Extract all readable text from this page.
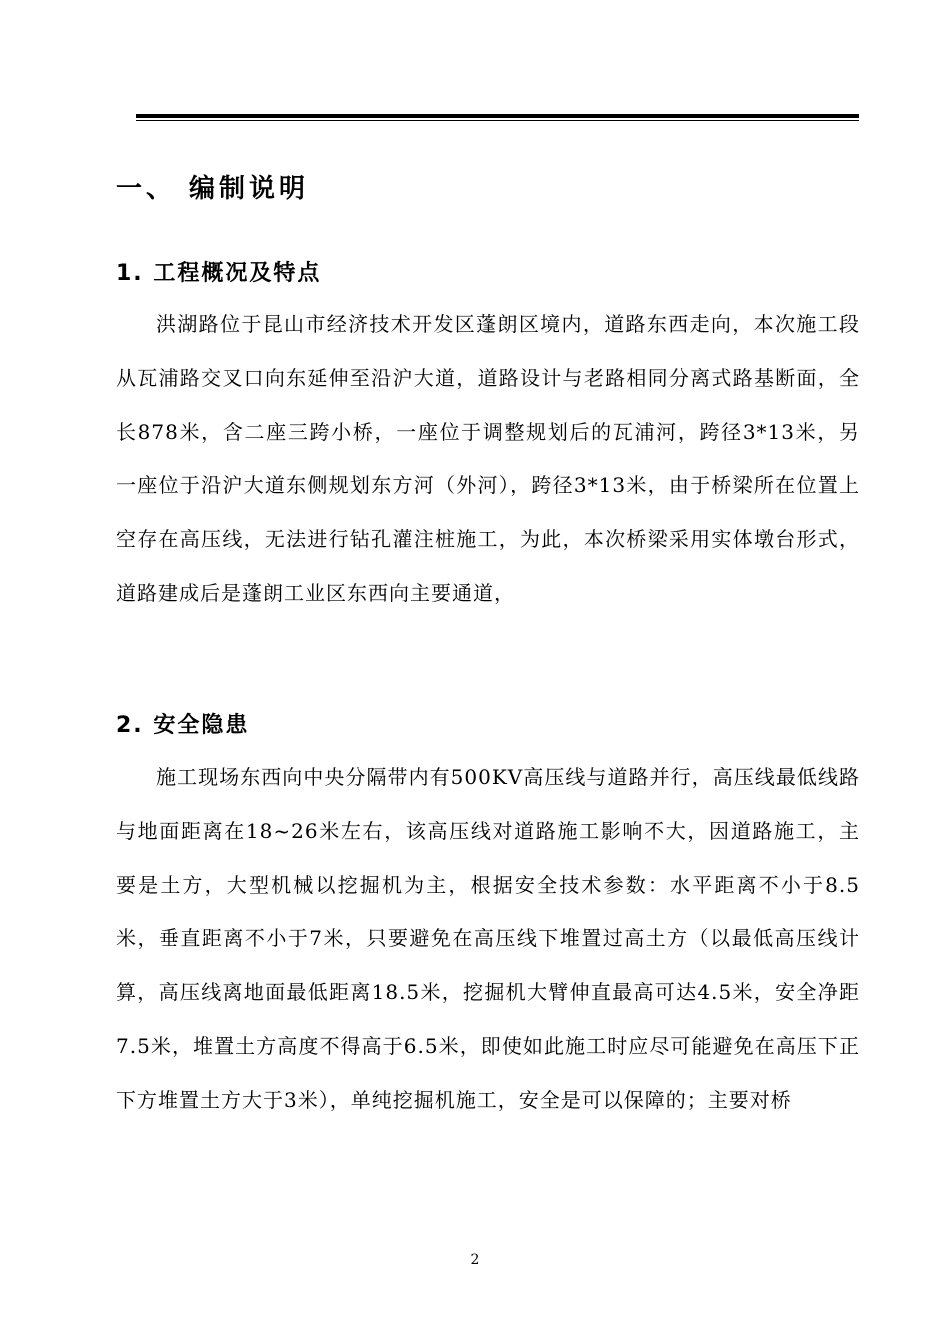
一、 编制说明
1. 工程概况及特点
洪湖路位于昆山市经济技术开发区蓬朗区境内，道路东西走向，本次施工段从瓦浦路交叉口向东延伸至沿沪大道，道路设计与老路相同分离式路基断面，全长878米，含二座三跨小桥，一座位于调整规划后的瓦浦河，跨径3*13米，另一座位于沿沪大道东侧规划东方河（外河），跨径3*13米，由于桥梁所在位置上空存在高压线，无法进行钻孔灌注桩施工，为此，本次桥梁采用实体墩台形式，道路建成后是蓬朗工业区东西向主要通道，
2. 安全隐患
施工现场东西向中央分隔带内有500KV高压线与道路并行，高压线最低线路与地面距离在18~26米左右，该高压线对道路施工影响不大，因道路施工，主要是土方，大型机械以挖掘机为主，根据安全技术参数：水平距离不小于8.5米，垂直距离不小于7米，只要避免在高压线下堆置过高土方（以最低高压线计算，高压线离地面最低距离18.5米，挖掘机大臂伸直最高可达4.5米，安全净距7.5米，堆置土方高度不得高于6.5米，即使如此施工时应尽可能避免在高压下正下方堆置土方大于3米），单纯挖掘机施工，安全是可以保障的；主要对桥
2
